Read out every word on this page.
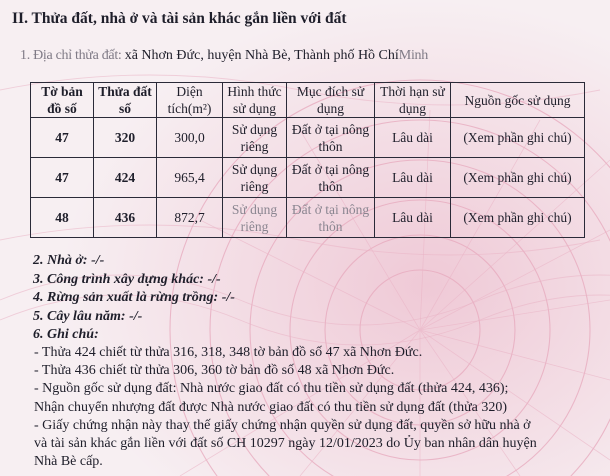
II. Thửa đất, nhà ở và tài sản khác gắn liền với đất
1. Địa chỉ thửa đất: xã Nhơn Đức, huyện Nhà Bè, Thành phố Hồ ChíMinh
Tờ bản đồ số	Thửa đất số	Diện tích(m²)	Hình thức sử dụng	Mục đích sử dụng	Thời hạn sử dụng	Nguồn gốc sử dụng
47	320	300,0	Sử dụng riêng	Đất ở tại nông thôn	Lâu dài	(Xem phần ghi chú)
47	424	965,4	Sử dụng riêng	Đất ở tại nông thôn	Lâu dài	(Xem phần ghi chú)
48	436	872,7	Sử dụng riêng	Đất ở tại nông thôn	Lâu dài	(Xem phần ghi chú)
2. Nhà ở: -/-
3. Công trình xây dựng khác: -/-
4. Rừng sản xuất là rừng trồng: -/-
5. Cây lâu năm: -/-
6. Ghi chú:
- Thửa 424 chiết từ thửa 316, 318, 348 tờ bản đồ số 47 xã Nhơn Đức.
- Thửa 436 chiết từ thửa 306, 360 tờ bản đồ số 48 xã Nhơn Đức.
- Nguồn gốc sử dụng đất: Nhà nước giao đất có thu tiền sử dụng đất (thửa 424, 436);
Nhận chuyển nhượng đất được Nhà nước giao đất có thu tiền sử dụng đất (thửa 320)
- Giấy chứng nhận này thay thế giấy chứng nhận quyền sử dụng đất, quyền sở hữu nhà ở
và tài sản khác gắn liền với đất số CH 10297 ngày 12/01/2023 do Ủy ban nhân dân huyện
Nhà Bè cấp.
